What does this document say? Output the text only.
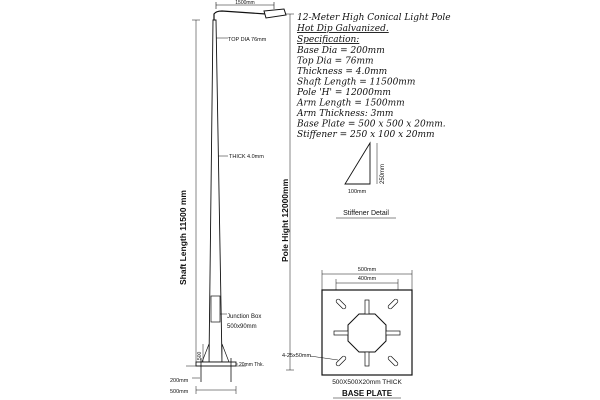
1500mm
TOP DIA 76mm
THICK 4.0mm
Junction Box
500x90mm
500
20mm Thk.
200mm
500mm
Shaft Length 11500 mm	Pole Hight 12000mm
12-Meter High Conical Light Pole
Hot Dip Galvanized.
Specification:
Base Dia = 200mm
Top Dia = 76mm
Thickness = 4.0mm
Shaft Length = 11500mm
Pole 'H' = 12000mm
Arm Length = 1500mm
Arm Thickness: 3mm
Base Plate = 500 x 500 x 20mm.
Stiffener = 250 x 100 x 20mm
250mm
100mm
Stiffener Detail
500mm
400mm
4-25x50mm
500X500X20mm THICK
BASE PLATE
